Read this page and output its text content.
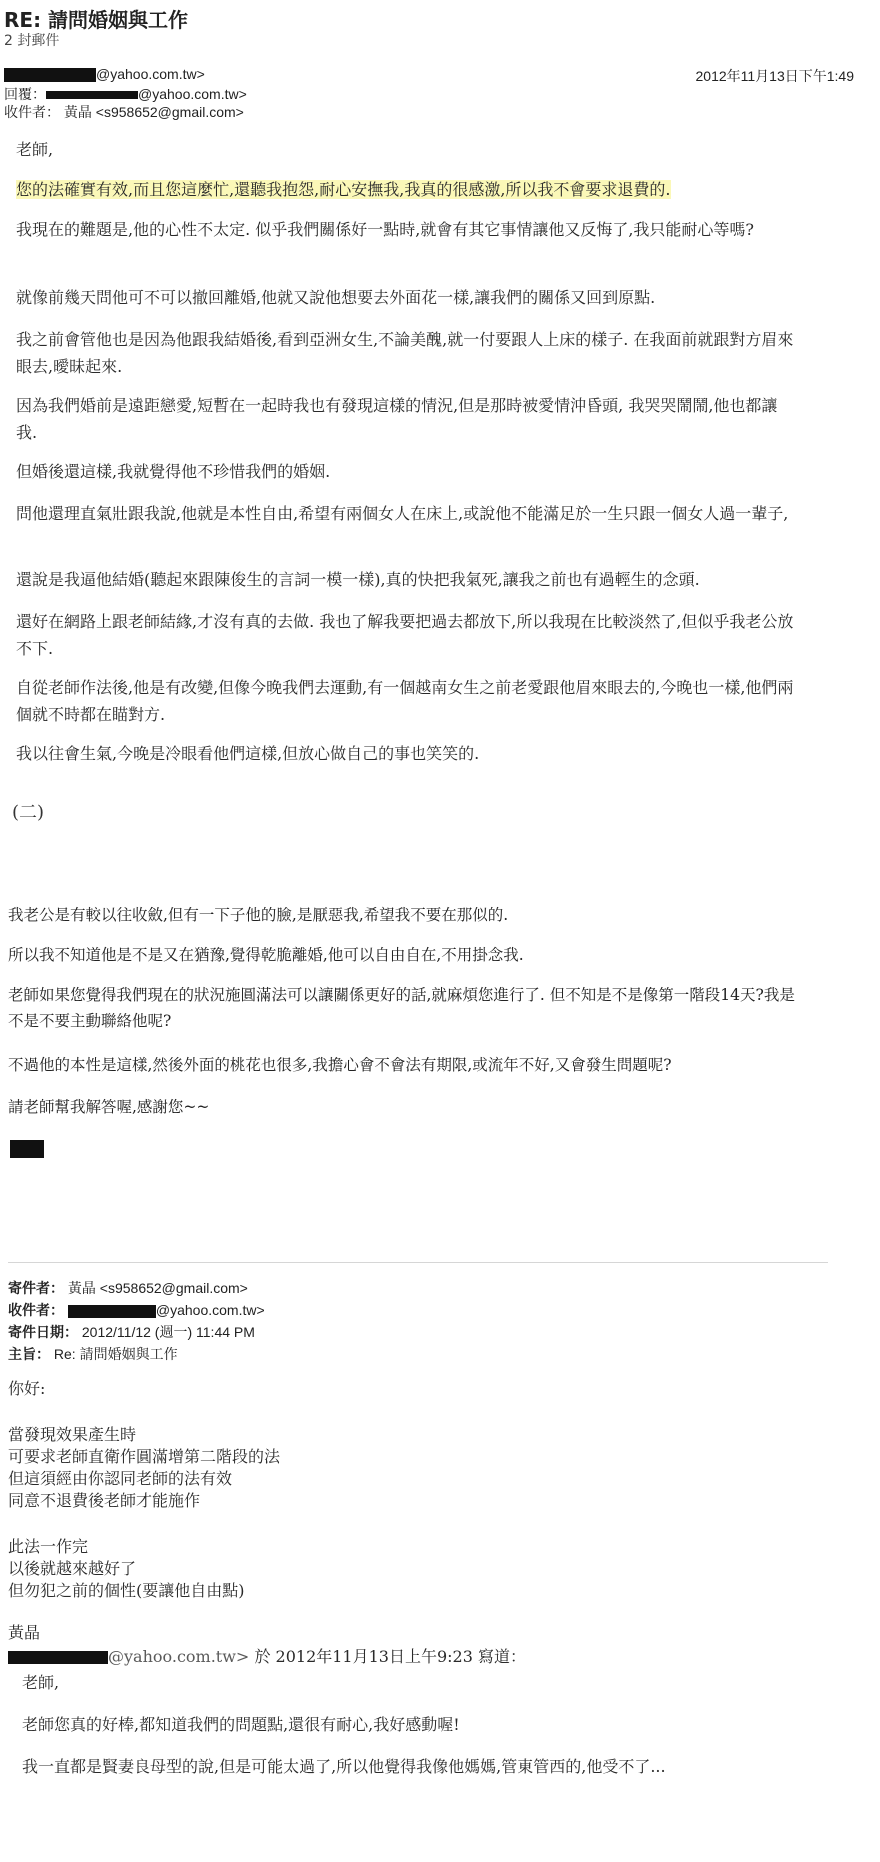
RE: 請問婚姻與工作
2 封郵件
@yahoo.com.tw>	2012年11月13日下午1:49
回覆：	@yahoo.com.tw>
收件者： 黃晶 <s958652@gmail.com>

老師,

您的法確實有效,而且您這麼忙,還聽我抱怨,耐心安撫我,我真的很感激,所以我不會要求退費的.

我現在的難題是,他的心性不太定. 似乎我們關係好一點時,就會有其它事情讓他又反悔了,我只能耐心等嗎?

就像前幾天問他可不可以撤回離婚,他就又說他想要去外面花一樣,讓我們的關係又回到原點.

我之前會管他也是因為他跟我結婚後,看到亞洲女生,不論美醜,就一付要跟人上床的樣子. 在我面前就跟對方眉來眼去,曖昧起來.

因為我們婚前是遠距戀愛,短暫在一起時我也有發現這樣的情況,但是那時被愛情沖昏頭, 我哭哭鬧鬧,他也都讓我.

但婚後還這樣,我就覺得他不珍惜我們的婚姻.

問他還理直氣壯跟我說,他就是本性自由,希望有兩個女人在床上,或說他不能滿足於一生只跟一個女人過一輩子,

還說是我逼他結婚(聽起來跟陳俊生的言詞一模一樣),真的快把我氣死,讓我之前也有過輕生的念頭.

還好在網路上跟老師結緣,才沒有真的去做. 我也了解我要把過去都放下,所以我現在比較淡然了,但似乎我老公放不下.

自從老師作法後,他是有改變,但像今晚我們去運動,有一個越南女生之前老愛跟他眉來眼去的,今晚也一樣,他們兩個就不時都在瞄對方.

我以往會生氣,今晚是冷眼看他們這樣,但放心做自己的事也笑笑的.

(二)

我老公是有較以往收斂,但有一下子他的臉,是厭惡我,希望我不要在那似的.

所以我不知道他是不是又在猶豫,覺得乾脆離婚,他可以自由自在,不用掛念我.

老師如果您覺得我們現在的狀況施圓滿法可以讓關係更好的話,就麻煩您進行了. 但不知是不是像第一階段14天?我是不是不要主動聯絡他呢?

不過他的本性是這樣,然後外面的桃花也很多,我擔心會不會法有期限,或流年不好,又會發生問題呢?

請老師幫我解答喔,感謝您~~

寄件者： 黃晶 <s958652@gmail.com>
收件者：	@yahoo.com.tw>
寄件日期： 2012/11/12 (週一) 11:44 PM
主旨： Re: 請問婚姻與工作

你好:

當發現效果產生時

可要求老師直衛作圓滿增第二階段的法

但這須經由你認同老師的法有效

同意不退費後老師才能施作

此法一作完

以後就越來越好了

但勿犯之前的個性(要讓他自由點)

黃晶

@yahoo.com.tw> 於 2012年11月13日上午9:23 寫道：

老師,

老師您真的好棒,都知道我們的問題點,還很有耐心,我好感動喔!

我一直都是賢妻良母型的說,但是可能太過了,所以他覺得我像他媽媽,管東管西的,他受不了...
